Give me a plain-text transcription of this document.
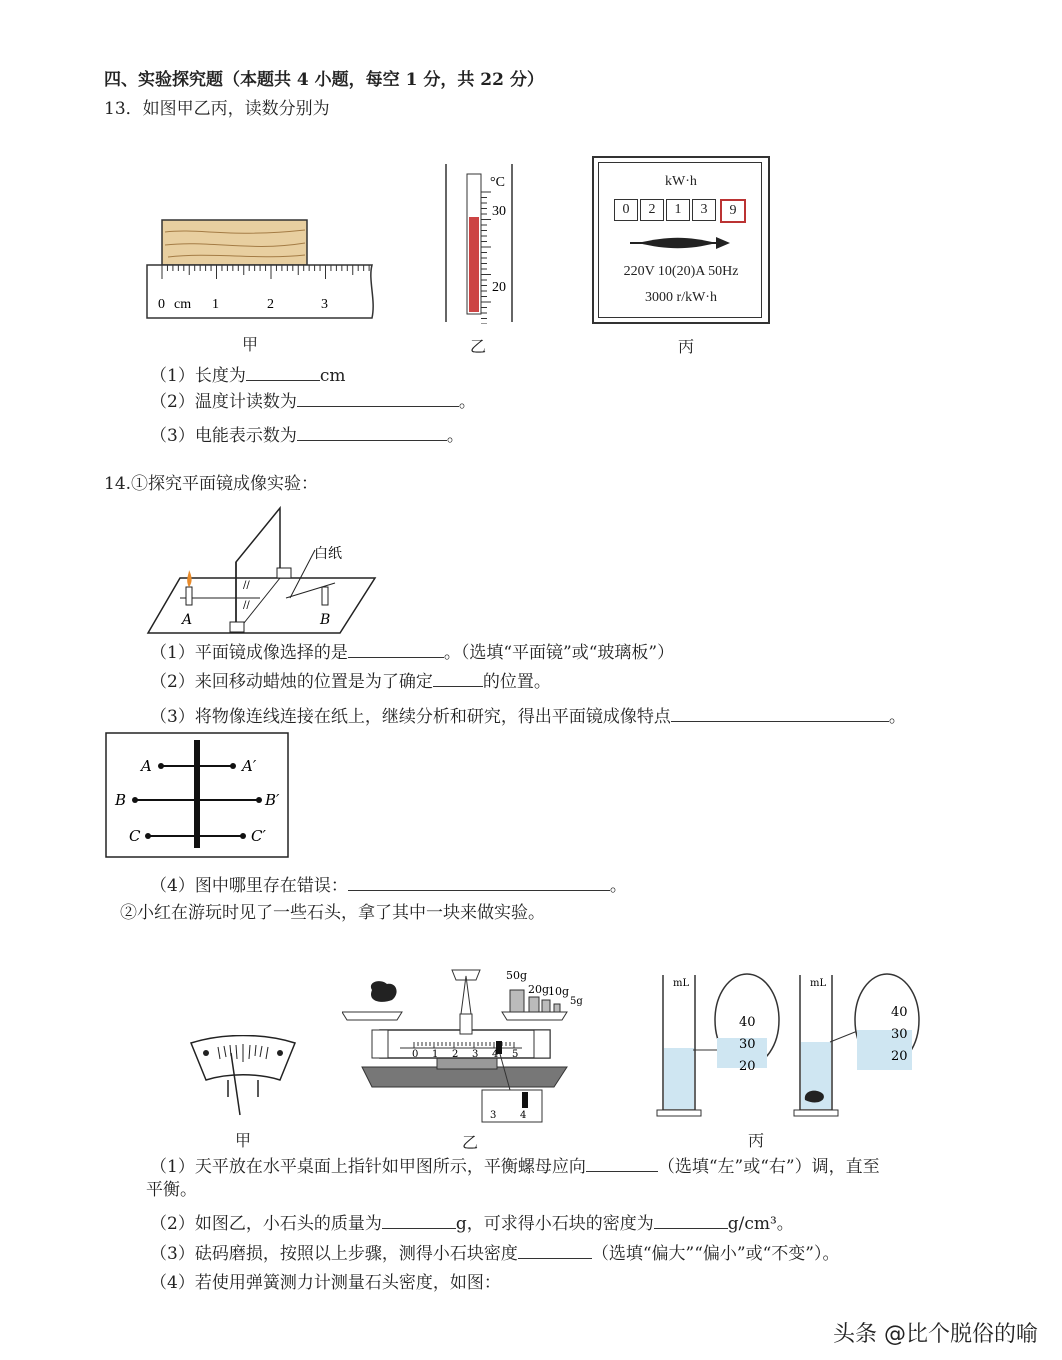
四、实验探究题（本题共 4 小题，每空 1 分，共 22 分）
13．如图甲乙丙，读数分别为
0 cm 1	2	3
°C
30
20
kW·h
0	2	1	3	9
220V 10(20)A 50Hz
3000 r/kW·h
甲	乙	丙
（1）长度为	cm
（2）温度计读数为	。
（3）电能表示数为	。
14.①探究平面镜成像实验：
//
//
白纸
A	B
（1）平面镜成像选择的是	。（选填“平面镜”或“玻璃板”）
（2）来回移动蜡烛的位置是为了确定	的位置。
（3）将物像连线连接在纸上，继续分析和研究，得出平面镜成像特点	。
A
B
C
A′
B′
C′
（4）图中哪里存在错误：	。
②小红在游玩时见了一些石头，拿了其中一块来做实验。
50g
20g
10g
5g
0 1 2 3 4 5
3 4
mL
40
30
20
mL
40
30
20
甲	乙	丙
（1）天平放在水平桌面上指针如甲图所示，平衡螺母应向	（选填“左”或“右”）调，直至
平衡。
（2）如图乙，小石头的质量为	g，可求得小石块的密度为	g/cm³。
（3）砝码磨损，按照以上步骤，测得小石块密度	（选填“偏大”“偏小”或“不变”）。
（4）若使用弹簧测力计测量石头密度，如图：
头条 @比个脱俗的喻
